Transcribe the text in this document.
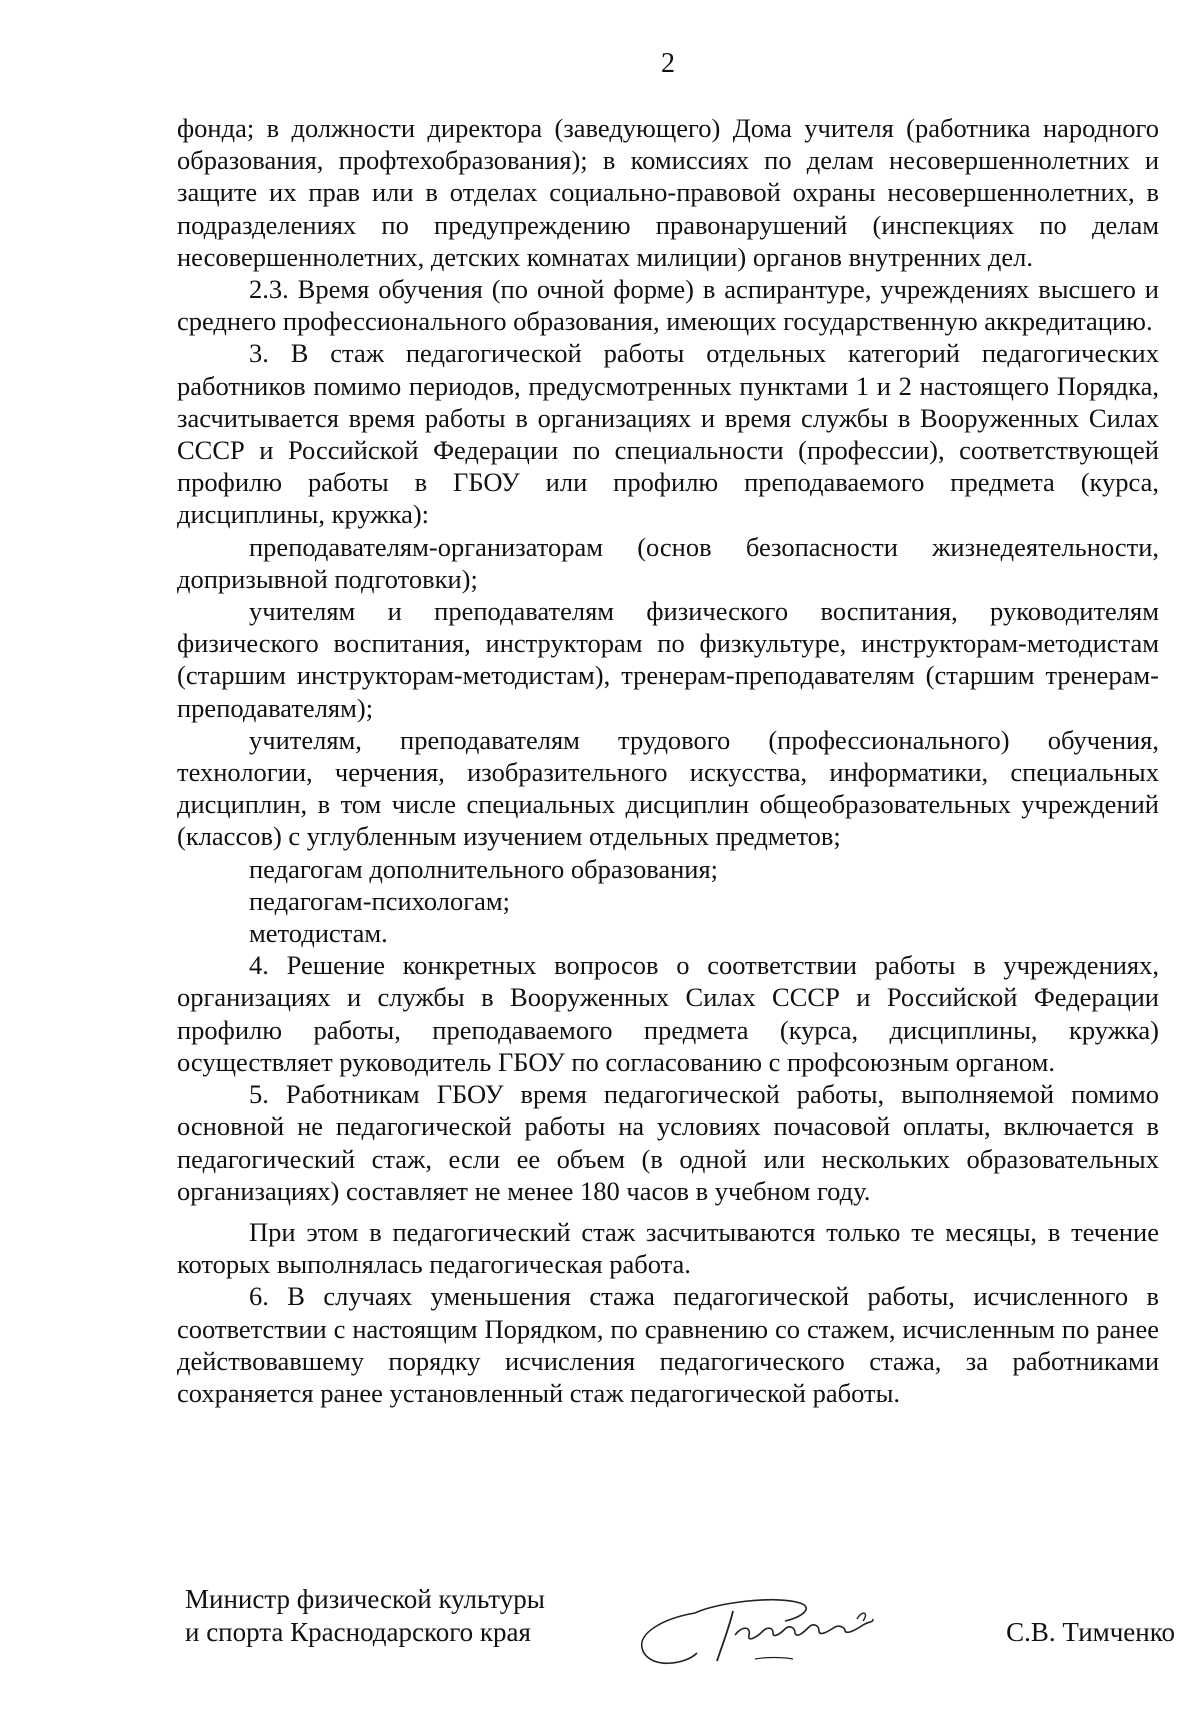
2

фонда; в должности директора (заведующего) Дома учителя (работника народного образования, профтехобразования); в комиссиях по делам несовершеннолетних и защите их прав или в отделах социально-правовой охраны несовершеннолетних, в подразделениях по предупреждению правонарушений (инспекциях по делам несовершеннолетних, детских комнатах милиции) органов внутренних дел.

2.3. Время обучения (по очной форме) в аспирантуре, учреждениях высшего и среднего профессионального образования, имеющих государственную аккредитацию.

3. В стаж педагогической работы отдельных категорий педагогических работников помимо периодов, предусмотренных пунктами 1 и 2 настоящего Порядка, засчитывается время работы в организациях и время службы в Вооруженных Силах СССР и Российской Федерации по специальности (профессии), соответствующей профилю работы в ГБОУ или профилю преподаваемого предмета (курса, дисциплины, кружка):

преподавателям-организаторам (основ безопасности жизнедеятельности, допризывной подготовки);

учителям и преподавателям физического воспитания, руководителям физического воспитания, инструкторам по физкультуре, инструкторам-методистам (старшим инструкторам-методистам), тренерам-преподавателям (старшим тренерам-преподавателям);

учителям, преподавателям трудового (профессионального) обучения, технологии, черчения, изобразительного искусства, информатики, специальных дисциплин, в том числе специальных дисциплин общеобразовательных учреждений (классов) с углубленным изучением отдельных предметов;

педагогам дополнительного образования;

педагогам-психологам;

методистам.

4. Решение конкретных вопросов о соответствии работы в учреждениях, организациях и службы в Вооруженных Силах СССР и Российской Федерации профилю работы, преподаваемого предмета (курса, дисциплины, кружка) осуществляет руководитель ГБОУ по согласованию с профсоюзным органом.

5. Работникам ГБОУ время педагогической работы, выполняемой помимо основной не педагогической работы на условиях почасовой оплаты, включается в педагогический стаж, если ее объем (в одной или нескольких образовательных организациях) составляет не менее 180 часов в учебном году.

При этом в педагогический стаж засчитываются только те месяцы, в течение которых выполнялась педагогическая работа.

6. В случаях уменьшения стажа педагогической работы, исчисленного в соответствии с настоящим Порядком, по сравнению со стажем, исчисленным по ранее действовавшему порядку исчисления педагогического стажа, за работниками сохраняется ранее установленный стаж педагогической работы.

Министр физической культуры
и спорта Краснодарского края	С.В. Тимченко
